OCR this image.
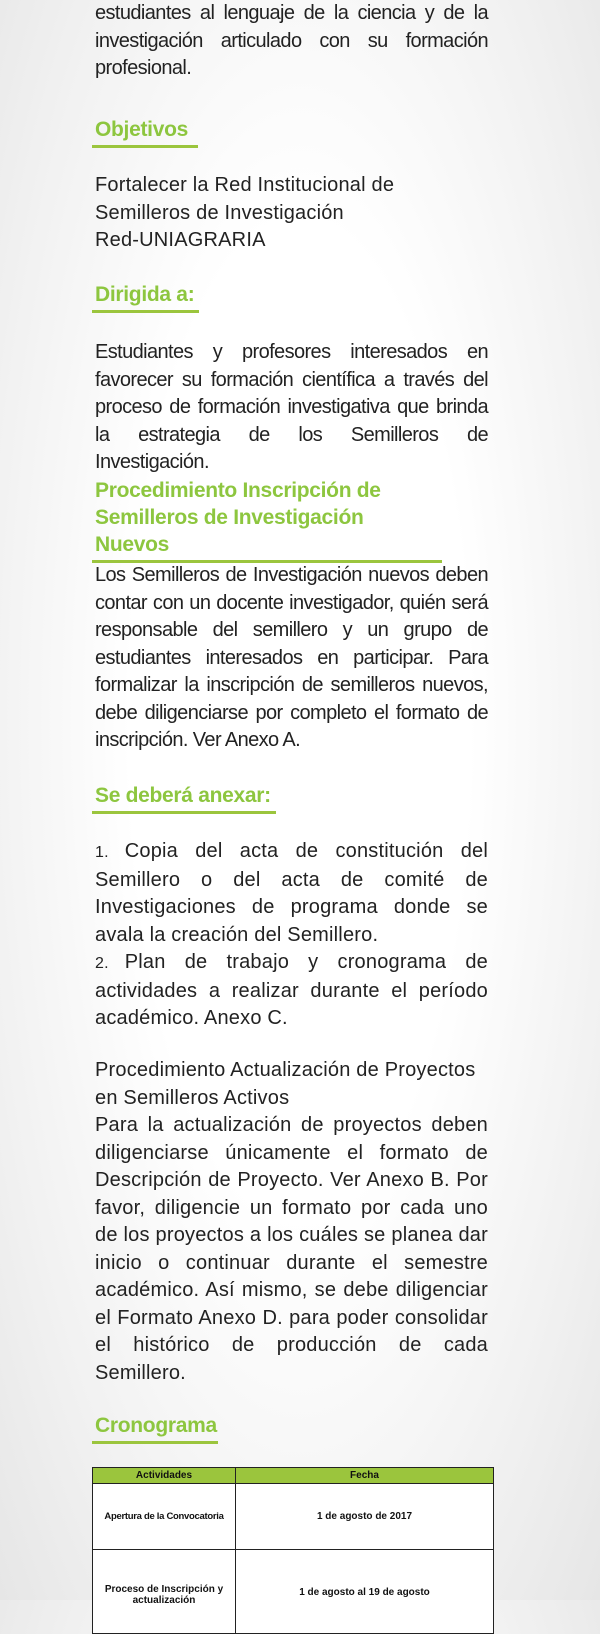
estudiantes al lenguaje de la ciencia y de la investigación articulado con su formación profesional.

Objetivos
Fortalecer la Red Institucional de
Semilleros de Investigación
Red-UNIAGRARIA
Dirigida a:

Estudiantes y profesores interesados en favorecer su formación científica a través del proceso de formación investigativa que brinda la estrategia de los Semilleros de Investigación.

Procedimiento Inscripción de
Semilleros de Investigación Nuevos

Los Semilleros de Investigación nuevos deben contar con un docente investigador, quién será responsable del semillero y un grupo de estudiantes interesados en participar. Para formalizar la inscripción de semilleros nuevos, debe diligenciarse por completo el formato de inscripción. Ver Anexo A.

Se deberá anexar:
1. Copia del acta de constitución del Semillero o del acta de comité de Investigaciones de programa donde se avala la creación del Semillero.
2. Plan de trabajo y cronograma de actividades a realizar durante el período académico. Anexo C.
Procedimiento Actualización de Proyectos en Semilleros Activos
Para la actualización de proyectos deben diligenciarse únicamente el formato de Descripción de Proyecto. Ver Anexo B. Por favor, diligencie un formato por cada uno de los proyectos a los cuáles se planea dar inicio o continuar durante el semestre académico. Así mismo, se debe diligenciar el Formato Anexo D. para poder consolidar el histórico de producción de cada Semillero.
Cronograma
Actividades	Fecha
Apertura de la Convocatoria	1 de agosto de 2017
Proceso de Inscripción y actualización	1 de agosto al 19 de agosto
